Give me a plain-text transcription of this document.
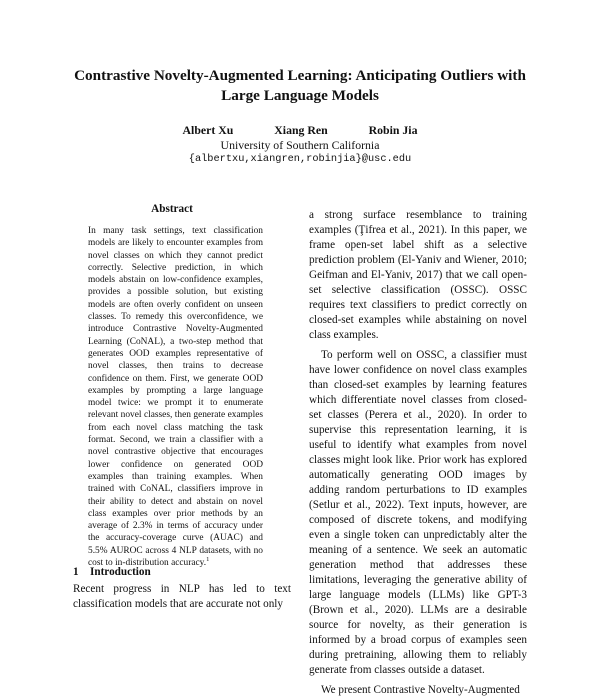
Contrastive Novelty-Augmented Learning: Anticipating Outliers with
Large Language Models
Albert Xu	Xiang Ren	Robin Jia
University of Southern California
{albertxu,xiangren,robinjia}@usc.edu
Abstract
In many task settings, text classification models are likely to encounter examples from novel classes on which they cannot predict correctly. Selective prediction, in which models abstain on low-confidence examples, provides a possible solution, but existing models are often overly confident on unseen classes. To remedy this overconfidence, we introduce Contrastive Novelty-Augmented Learning (CoNAL), a two-step method that generates OOD examples representative of novel classes, then trains to decrease confidence on them. First, we generate OOD examples by prompting a large language model twice: we prompt it to enumerate relevant novel classes, then generate examples from each novel class matching the task format. Second, we train a classifier with a novel contrastive objective that encourages lower confidence on generated OOD examples than training examples. When trained with CoNAL, classifiers improve in their ability to detect and abstain on novel class examples over prior methods by an average of 2.3% in terms of accuracy under the accuracy-coverage curve (AUAC) and 5.5% AUROC across 4 NLP datasets, with no cost to in-distribution accuracy.$^1$
1 Introduction
Recent progress in NLP has led to text classification models that are accurate not only

a strong surface resemblance to training examples (Ţifrea et al., 2021). In this paper, we frame open-set label shift as a selective prediction problem (El-Yaniv and Wiener, 2010; Geifman and El-Yaniv, 2017) that we call open-set selective classification (OSSC). OSSC requires text classifiers to predict correctly on closed-set examples while abstaining on novel class examples.

To perform well on OSSC, a classifier must have lower confidence on novel class examples than closed-set examples by learning features which differentiate novel classes from closed-set classes (Perera et al., 2020). In order to supervise this representation learning, it is useful to identify what examples from novel classes might look like. Prior work has explored automatically generating OOD images by adding random perturbations to ID examples (Setlur et al., 2022). Text inputs, however, are composed of discrete tokens, and modifying even a single token can unpredictably alter the meaning of a sentence. We seek an automatic generation method that addresses these limitations, leveraging the generative ability of large language models (LLMs) like GPT-3 (Brown et al., 2020). LLMs are a desirable source for novelty, as their generation is informed by a broad corpus of examples seen during pretraining, allowing them to reliably generate from classes outside a dataset.

We present Contrastive Novelty-Augmented
